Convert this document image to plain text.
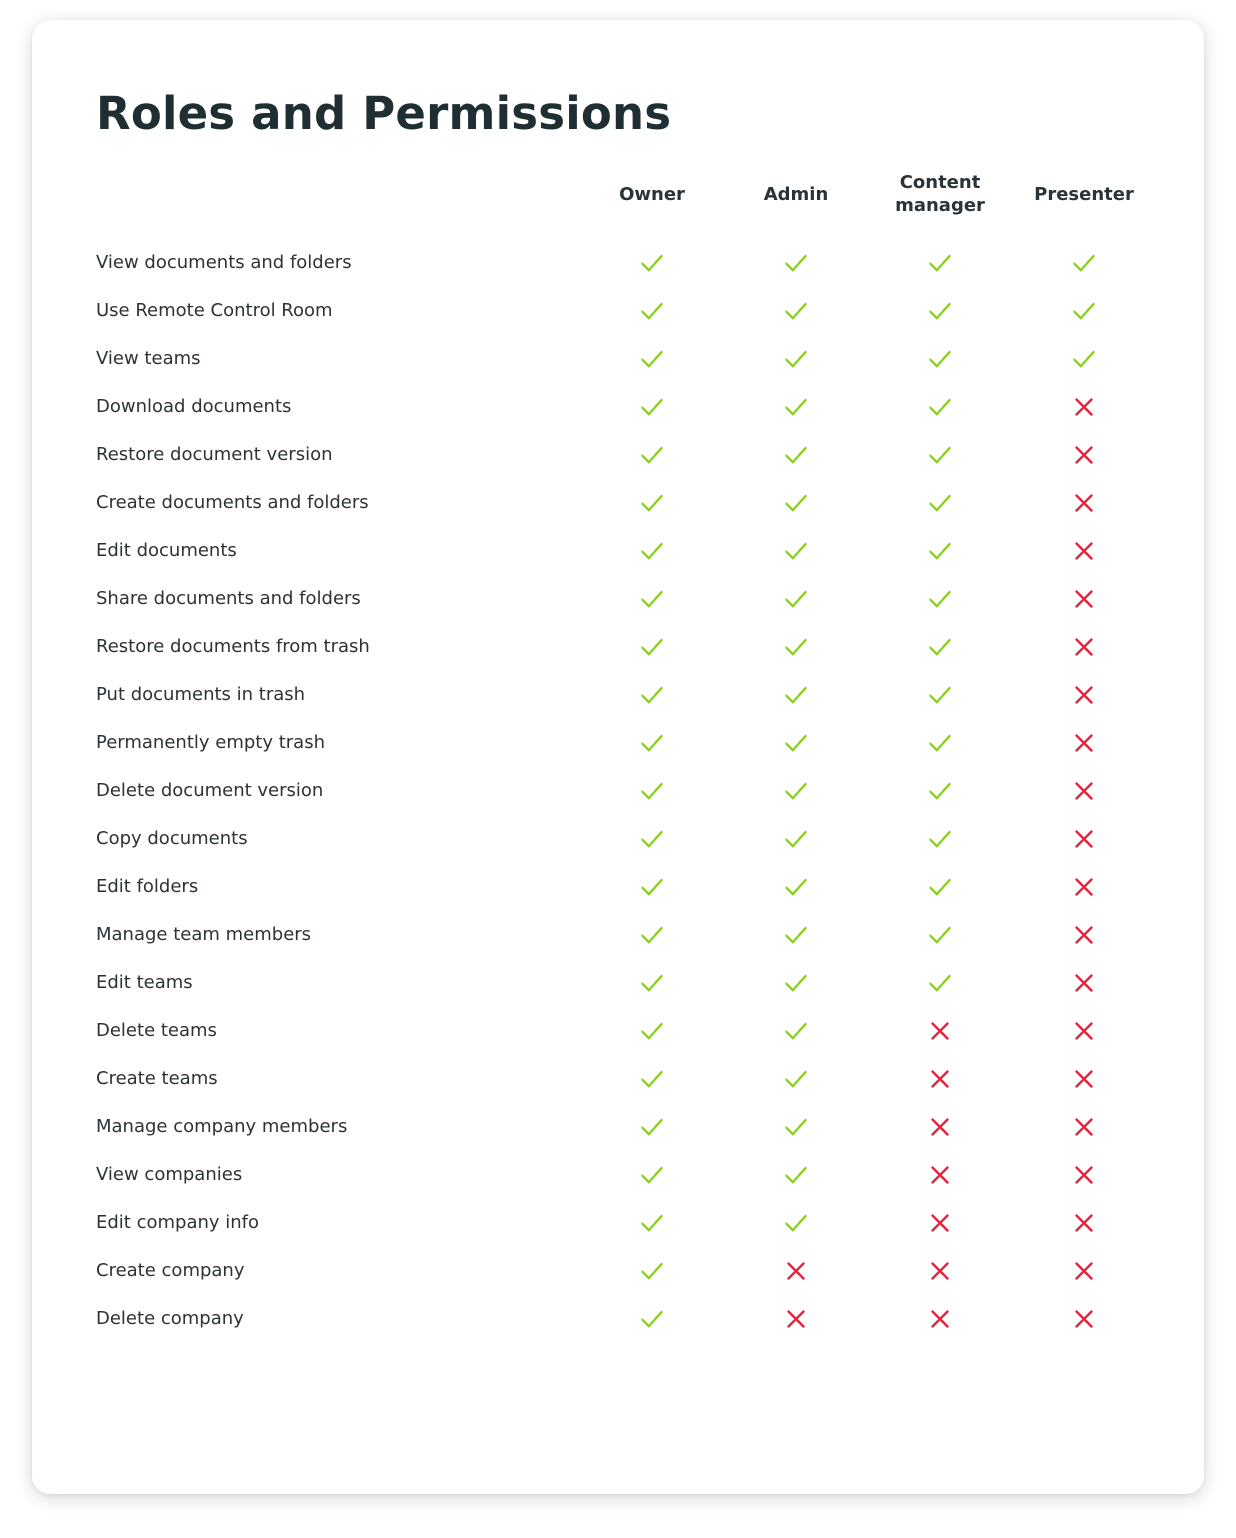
Roles and Permissions
Owner	Admin
Content
manager
Presenter
View documents and folders
Use Remote Control Room
View teams
Download documents
Restore document version
Create documents and folders
Edit documents
Share documents and folders
Restore documents from trash
Put documents in trash
Permanently empty trash
Delete document version
Copy documents
Edit folders
Manage team members
Edit teams
Delete teams
Create teams
Manage company members
View companies
Edit company info
Create company
Delete company
